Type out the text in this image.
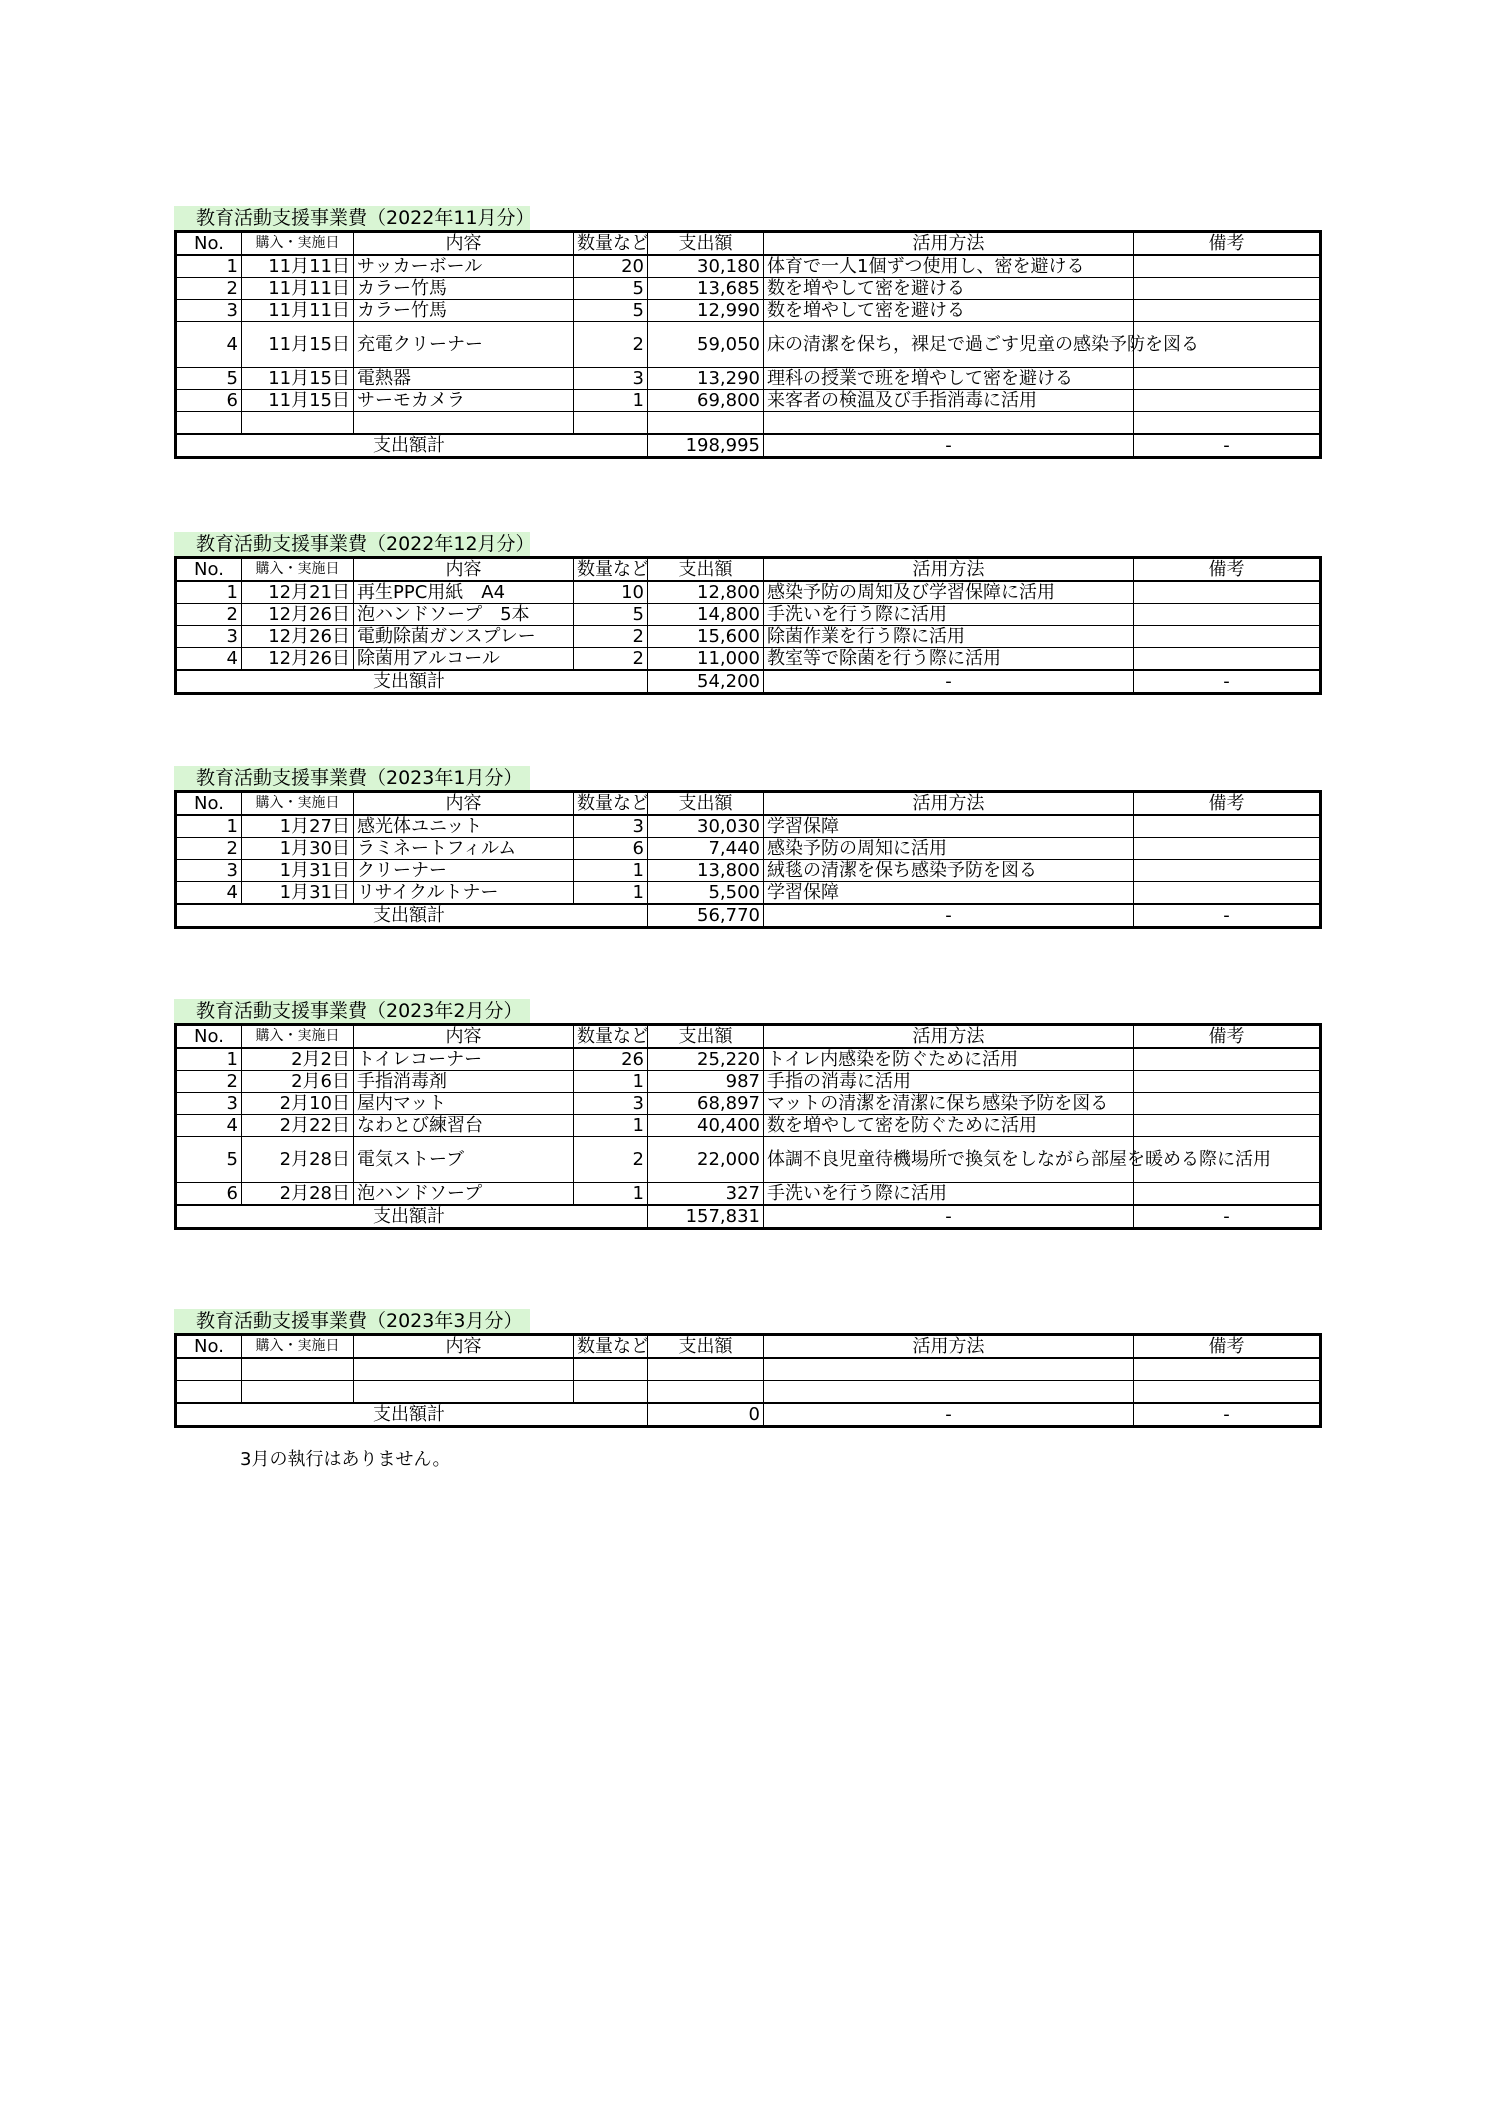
教育活動支援事業費（2022年11月分）
No.	購入・実施日	内容	数量など	支出額	活用方法	備考
1	11月11日	サッカーボール	20	30,180	体育で一人1個ずつ使用し、密を避ける	
2	11月11日	カラー竹馬	5	13,685	数を増やして密を避ける	
3	11月11日	カラー竹馬	5	12,990	数を増やして密を避ける	
4	11月15日	充電クリーナー	2	59,050	床の清潔を保ち，裸足で過ごす児童の感染予防を図る	
5	11月15日	電熱器	3	13,290	理科の授業で班を増やして密を避ける	
6	11月15日	サーモカメラ	1	69,800	来客者の検温及び手指消毒に活用	

支出額計				198,995	-	-
教育活動支援事業費（2022年12月分）
No.	購入・実施日	内容	数量など	支出額	活用方法	備考
1	12月21日	再生PPC用紙　A4	10	12,800	感染予防の周知及び学習保障に活用	
2	12月26日	泡ハンドソープ　5本	5	14,800	手洗いを行う際に活用	
3	12月26日	電動除菌ガンスプレー	2	15,600	除菌作業を行う際に活用	
4	12月26日	除菌用アルコール	2	11,000	教室等で除菌を行う際に活用	
支出額計				54,200	-	-
教育活動支援事業費（2023年1月分）
No.	購入・実施日	内容	数量など	支出額	活用方法	備考
1	1月27日	感光体ユニット	3	30,030	学習保障	
2	1月30日	ラミネートフィルム	6	7,440	感染予防の周知に活用	
3	1月31日	クリーナー	1	13,800	絨毯の清潔を保ち感染予防を図る	
4	1月31日	リサイクルトナー	1	5,500	学習保障	
支出額計				56,770	-	-
教育活動支援事業費（2023年2月分）
No.	購入・実施日	内容	数量など	支出額	活用方法	備考
1	2月2日	トイレコーナー	26	25,220	トイレ内感染を防ぐために活用	
2	2月6日	手指消毒剤	1	987	手指の消毒に活用	
3	2月10日	屋内マット	3	68,897	マットの清潔を清潔に保ち感染予防を図る	
4	2月22日	なわとび練習台	1	40,400	数を増やして密を防ぐために活用	
5	2月28日	電気ストーブ	2	22,000	体調不良児童待機場所で換気をしながら部屋を暖める際に活用	
6	2月28日	泡ハンドソープ	1	327	手洗いを行う際に活用	
支出額計				157,831	-	-
教育活動支援事業費（2023年3月分）
No.	購入・実施日	内容	数量など	支出額	活用方法	備考

支出額計				0	-	-
3月の執行はありません。
